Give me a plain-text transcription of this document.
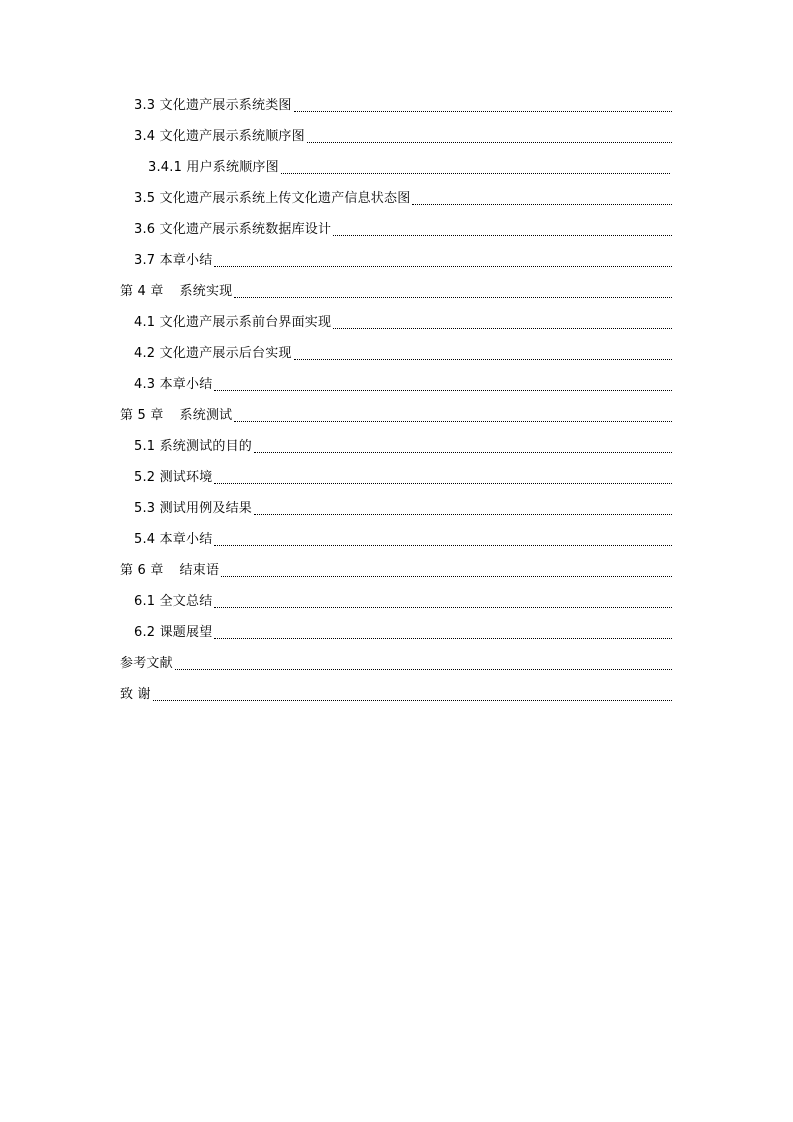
3.3 文化遗产展示系统类图
3.4 文化遗产展示系统顺序图
3.4.1 用户系统顺序图
3.5 文化遗产展示系统上传文化遗产信息状态图
3.6 文化遗产展示系统数据库设计
3.7 本章小结
第 4 章 系统实现
4.1 文化遗产展示系前台界面实现
4.2 文化遗产展示后台实现
4.3 本章小结
第 5 章 系统测试
5.1 系统测试的目的
5.2 测试环境
5.3 测试用例及结果
5.4 本章小结
第 6 章 结束语
6.1 全文总结
6.2 课题展望
参考文献
致 谢
